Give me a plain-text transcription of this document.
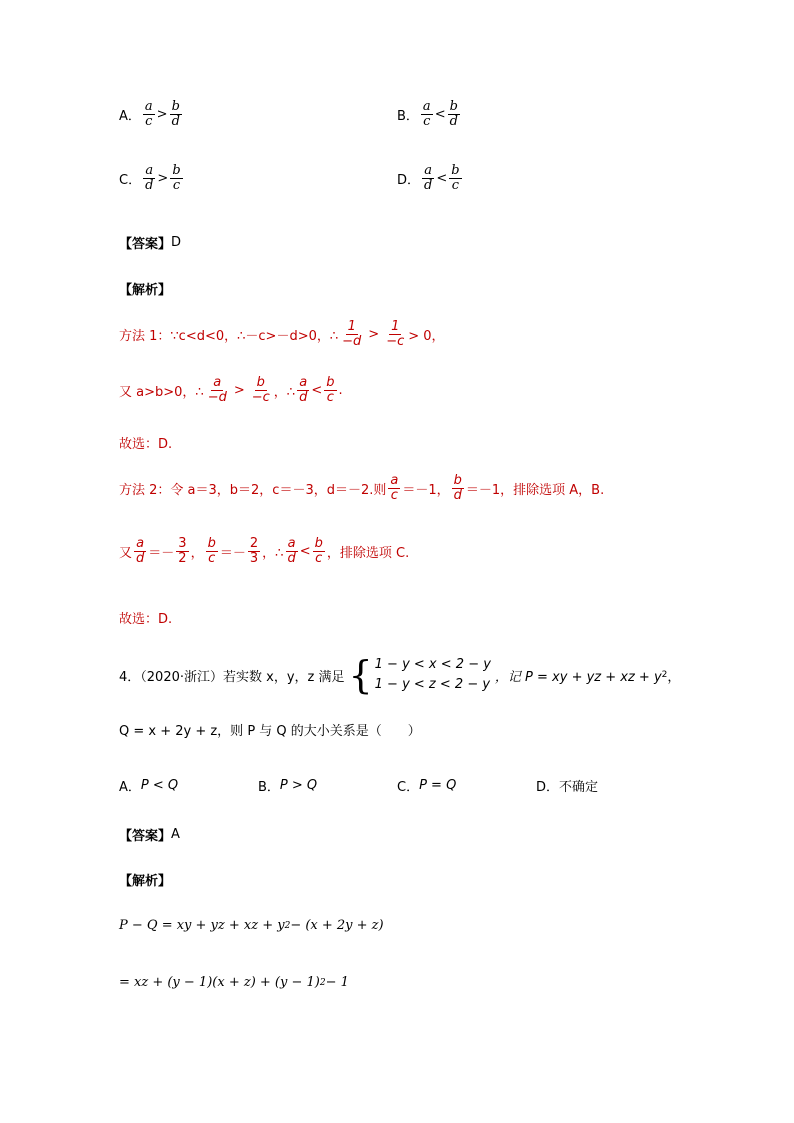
A． $\frac{a}{c} > \frac{b}{d}$	B． $\frac{a}{c} < \frac{b}{d}$
C． $\frac{a}{d} > \frac{b}{c}$	D． $\frac{a}{d} < \frac{b}{c}$
【答案】 D
【解析】
方法 1：∵c<d<0，∴－c>－d>0，∴ $\frac{1}{-d} > \frac{1}{-c} > 0$，
又 a>b>0，∴ $\frac{a}{-d} > \frac{b}{-c}$ ，∴ $\frac{a}{d} < \frac{b}{c}$ .
故选：D.
方法 2：令 a＝3，b＝2，c＝－3，d＝－2.则 $\frac{a}{c} =-1$， $\frac{b}{d} =-1$，排除选项 A，B.
又 $\frac{a}{d} =- \frac{3}{2}$ ， $\frac{b}{c} =- \frac{2}{3}$ ，∴ $\frac{a}{d} < \frac{b}{c}$ ，排除选项 C.
故选：D.
4．（2020·浙江）若实数 x，y，z 满足 { 1 − y < x < 2 − y
1 − y < z < 2 − y ，记 P = xy + yz + xz + y 2 ，
Q = x + 2y + z，则 P 与 Q 的大小关系是（　　）
A． P < Q	B． P > Q	C． P = Q	D． 不确定
【答案】 A
【解析】
P − Q = xy + yz + xz + y 2 − (x + 2y + z)
= xz + (y − 1)(x + z) + (y − 1) 2 − 1
